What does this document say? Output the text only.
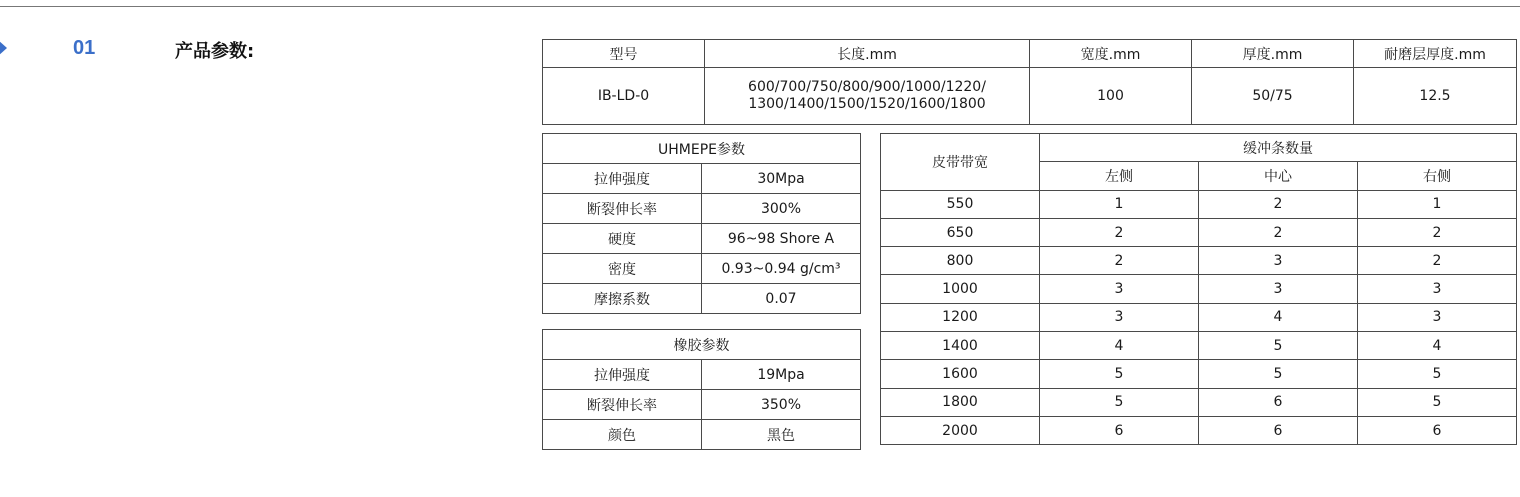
01	产品参数:	型号	长度.mm	宽度.mm	厚度.mm	耐磨层厚度.mm
IB-LD-0	600/700/750/800/900/1000/1220/
1300/1400/1500/1520/1600/1800	100	50/75	12.5
UHMEPE参数	
拉伸强度	30Mpa
断裂伸长率	300%
硬度	96~98 Shore A
密度	0.93~0.94 g/cm³
摩擦系数	0.07
橡胶参数	
拉伸强度	19Mpa
断裂伸长率	350%
颜色	黑色
皮带带宽	缓冲条数量		
	左侧	中心	右侧
550	1	2	1
650	2	2	2
800	2	3	2
1000	3	3	3
1200	3	4	3
1400	4	5	4
1600	5	5	5
1800	5	6	5
2000	6	6	6
